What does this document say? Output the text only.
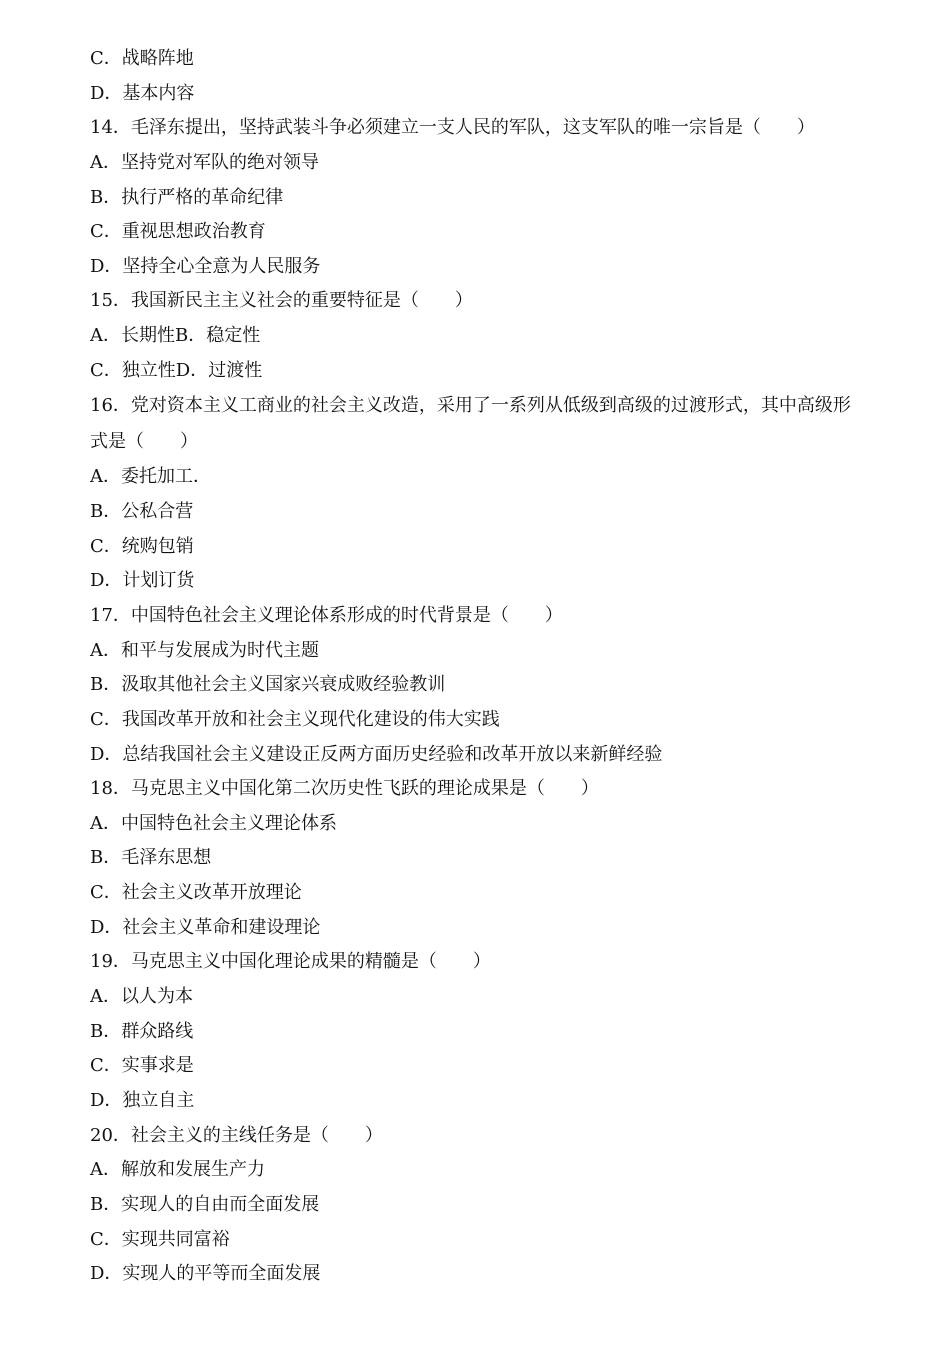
C．战略阵地
D．基本内容
14．毛泽东提出，坚持武装斗争必须建立一支人民的军队，这支军队的唯一宗旨是（　　）
A．坚持党对军队的绝对领导
B．执行严格的革命纪律
C．重视思想政治教育
D．坚持全心全意为人民服务
15．我国新民主主义社会的重要特征是（　　）
A．长期性B．稳定性
C．独立性D．过渡性
16．党对资本主义工商业的社会主义改造，采用了一系列从低级到高级的过渡形式，其中高级形
式是（　　）
A．委托加工．
B．公私合营
C．统购包销
D．计划订货
17．中国特色社会主义理论体系形成的时代背景是（　　）
A．和平与发展成为时代主题
B．汲取其他社会主义国家兴衰成败经验教训
C．我国改革开放和社会主义现代化建设的伟大实践
D．总结我国社会主义建设正反两方面历史经验和改革开放以来新鲜经验
18．马克思主义中国化第二次历史性飞跃的理论成果是（　　）
A．中国特色社会主义理论体系
B．毛泽东思想
C．社会主义改革开放理论
D．社会主义革命和建设理论
19．马克思主义中国化理论成果的精髓是（　　）
A．以人为本
B．群众路线
C．实事求是
D．独立自主
20．社会主义的主线任务是（　　）
A．解放和发展生产力
B．实现人的自由而全面发展
C．实现共同富裕
D．实现人的平等而全面发展
